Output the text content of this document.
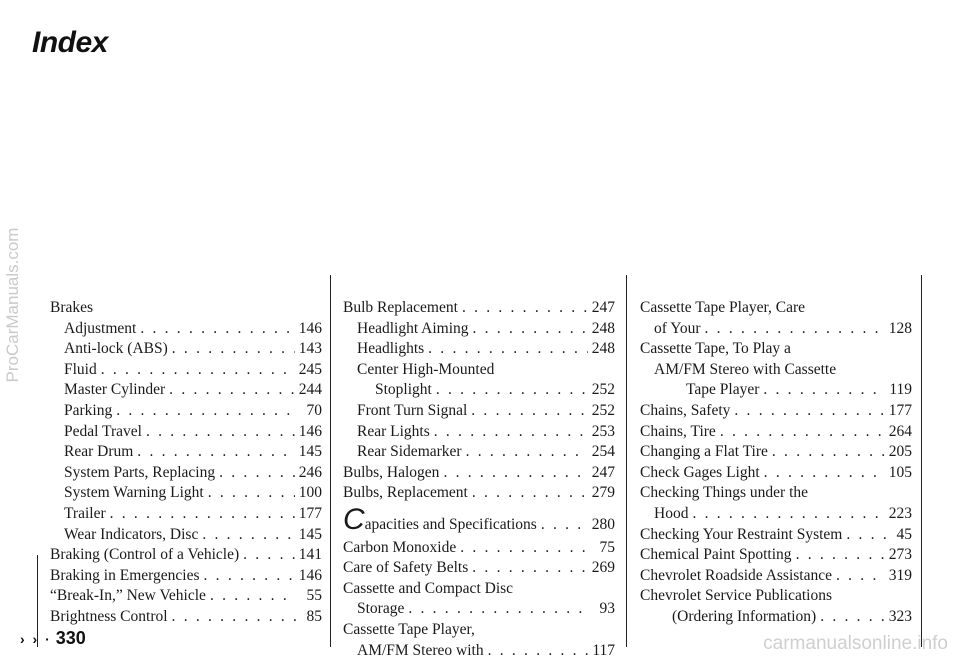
Index
ProCarManuals.com Brakes
Adjustment . . .	146
Anti-lock (ABS) . . .	143
Fluid . . .	245
Master Cylinder . . .	244
Parking . . .	70
Pedal Travel . . .	146
Rear Drum . . .	145
System Parts, Replacing . . .	246
System Warning Light . . .	100
Trailer . . .	177
Wear Indicators, Disc . . .	145
Braking (Control of a Vehicle) . . .	141
Braking in Emergencies . . .	146
“Break-In,” New Vehicle . . .	55
Brightness Control . . .	85
Bulb Replacement . . .	247
Headlight Aiming . . .	248
Headlights . . .	248
Center High-Mounted
Stoplight . . .	252
Front Turn Signal . . .	252
Rear Lights . . .	253
Rear Sidemarker . . .	254
Bulbs, Halogen . . .	247
Bulbs, Replacement . . .	279
Capacities and Specifications . . .	280
Carbon Monoxide . . .	75
Care of Safety Belts . . .	269
Cassette and Compact Disc
Storage . . .	93
Cassette Tape Player,
AM/FM Stereo with . . .	117
Cassette Tape Player, Care
of Your . . .	128
Cassette Tape, To Play a
AM/FM Stereo with Cassette
Tape Player . . .	119
Chains, Safety . . .	177
Chains, Tire . . .	264
Changing a Flat Tire . . .	205
Check Gages Light . . .	105
Checking Things under the
Hood . . .	223
Checking Your Restraint System . . .	45
Chemical Paint Spotting . . .	273
Chevrolet Roadside Assistance . . .	319
Chevrolet Service Publications
(Ordering Information) . . .	323
› › · 330	carmanualsonline.info
